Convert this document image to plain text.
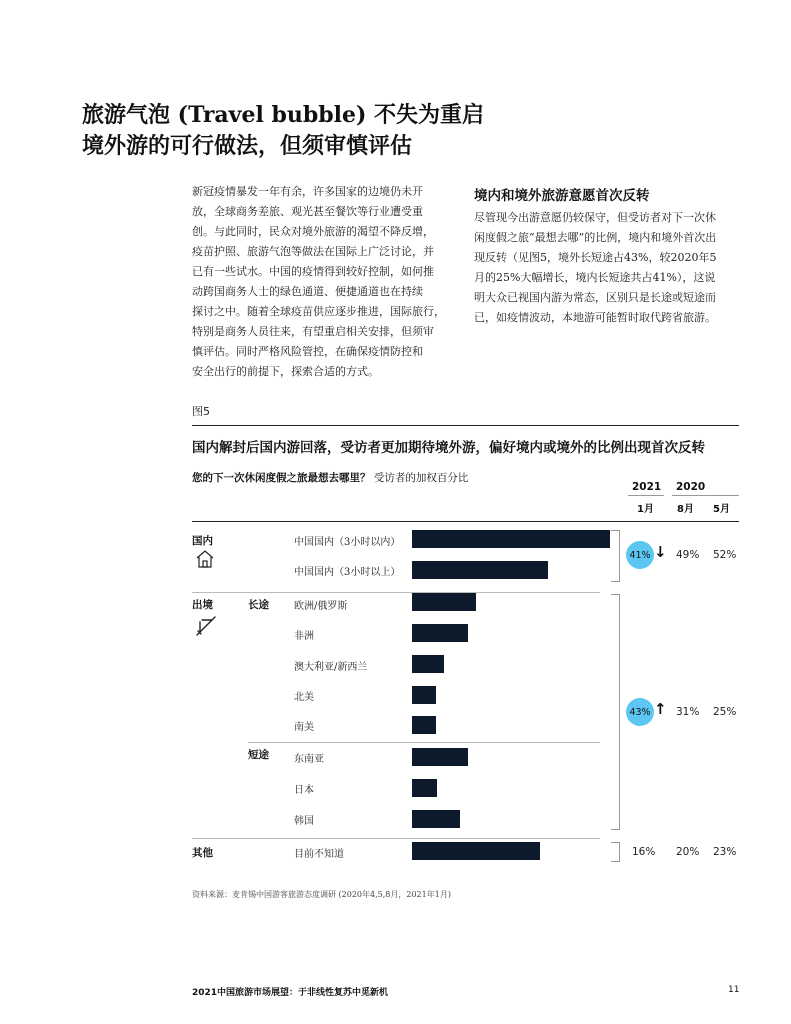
旅游气泡 (Travel bubble) 不失为重启
境外游的可行做法，但须审慎评估

新冠疫情暴发一年有余，许多国家的边境仍未开

放，全球商务差旅、观光甚至餐饮等行业遭受重

创。与此同时，民众对境外旅游的渴望不降反增，

疫苗护照、旅游气泡等做法在国际上广泛讨论，并

已有一些试水。中国的疫情得到较好控制，如何推

动跨国商务人士的绿色通道、便捷通道也在持续

探讨之中。随着全球疫苗供应逐步推进，国际旅行，

特别是商务人员往来，有望重启相关安排，但须审

慎评估。同时严格风险管控，在确保疫情防控和

安全出行的前提下，探索合适的方式。

境内和境外旅游意愿首次反转

尽管现今出游意愿仍较保守，但受访者对下一次休

闲度假之旅“最想去哪”的比例，境内和境外首次出

现反转（见图5，境外长短途占43%，较2020年5

月的25%大幅增长，境内长短途共占41%），这说

明大众已视国内游为常态，区别只是长途或短途而

已，如疫情波动，本地游可能暂时取代跨省旅游。

图5
国内解封后国内游回落，受访者更加期待境外游，偏好境内或境外的比例出现首次反转
您的下一次休闲度假之旅最想去哪里？ 受访者的加权百分比
2021 2020
1月 8月 5月
国内
出境	长途
短途
其他
中国国内（3小时以内）
中国国内（3小时以上）
欧洲/俄罗斯
非洲
澳大利亚/新西兰
北美
南美
东南亚
日本
韩国
目前不知道
41% ↓ 49% 52%
43% ↑ 31% 25%
16% 20% 23%
资料来源：麦肯锡中国游客旅游态度调研 (2020年4,5,8月，2021年1月)
2021中国旅游市场展望：于非线性复苏中觅新机	11
